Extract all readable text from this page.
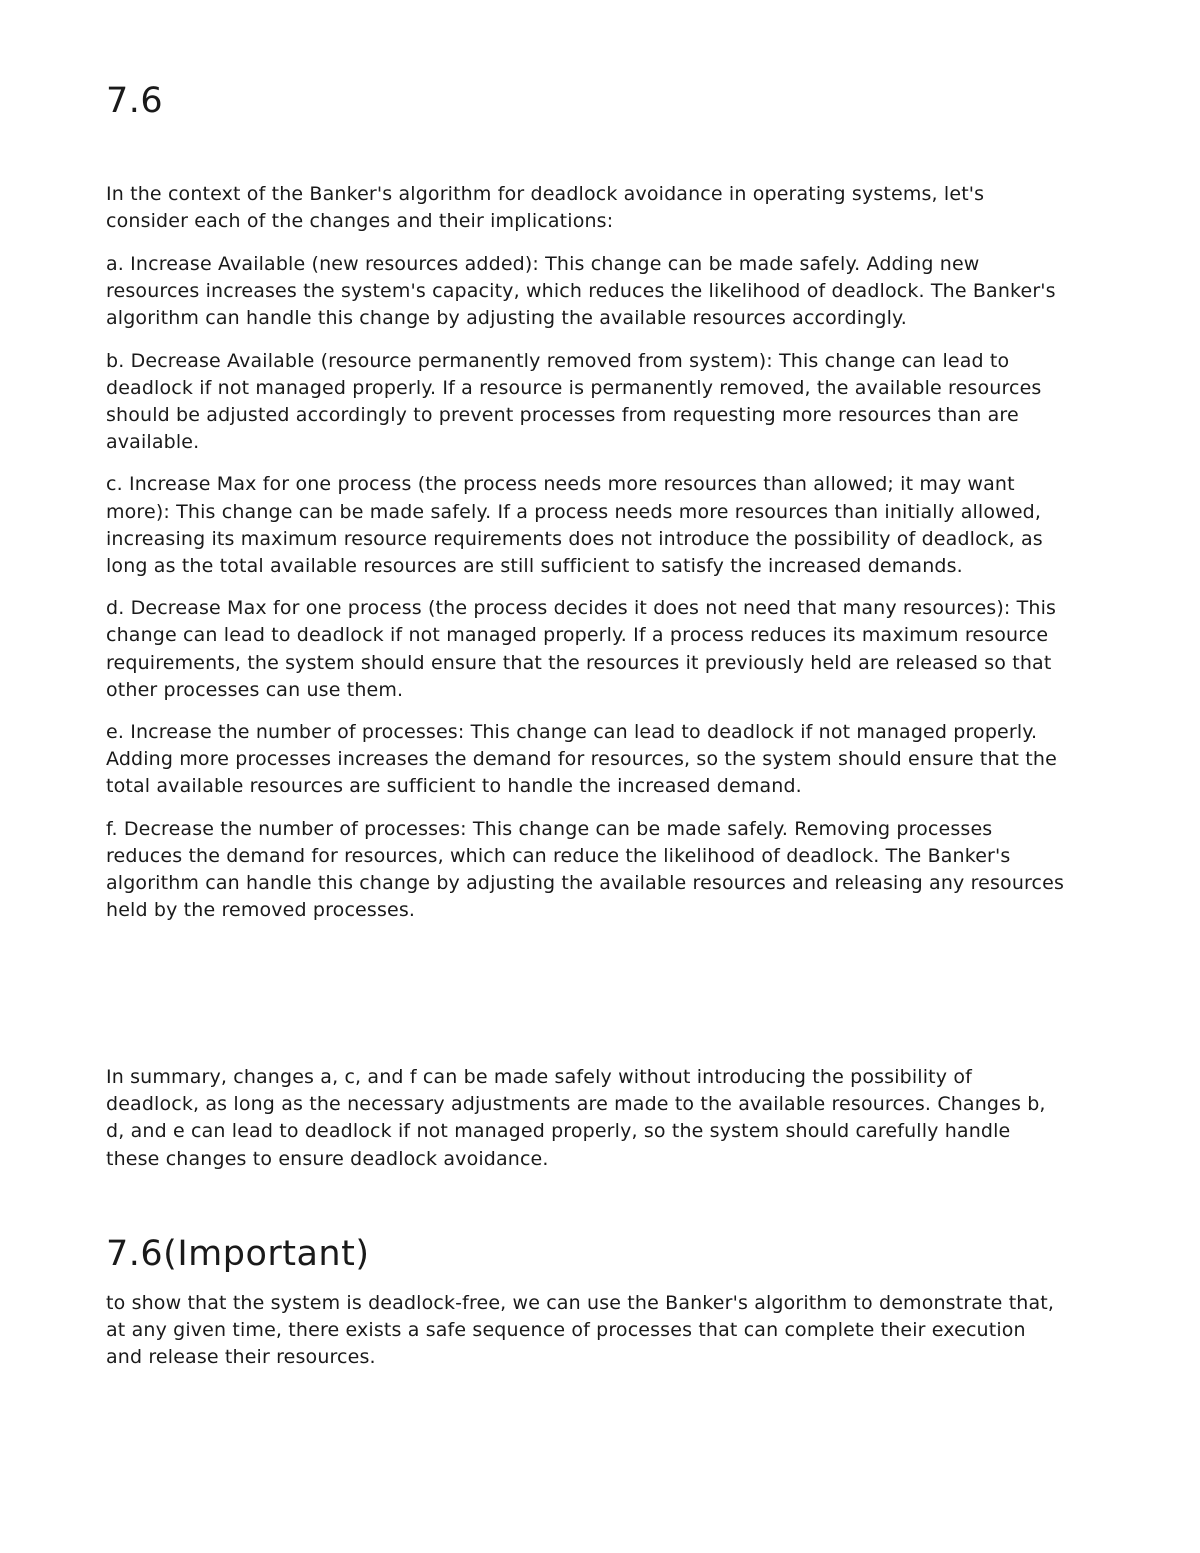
7.6

In the context of the Banker's algorithm for deadlock avoidance in operating systems, let's consider each of the changes and their implications:

a. Increase Available (new resources added): This change can be made safely. Adding new resources increases the system's capacity, which reduces the likelihood of deadlock. The Banker's algorithm can handle this change by adjusting the available resources accordingly.

b. Decrease Available (resource permanently removed from system): This change can lead to deadlock if not managed properly. If a resource is permanently removed, the available resources should be adjusted accordingly to prevent processes from requesting more resources than are available.

c. Increase Max for one process (the process needs more resources than allowed; it may want more): This change can be made safely. If a process needs more resources than initially allowed, increasing its maximum resource requirements does not introduce the possibility of deadlock, as long as the total available resources are still sufficient to satisfy the increased demands.

d. Decrease Max for one process (the process decides it does not need that many resources): This change can lead to deadlock if not managed properly. If a process reduces its maximum resource requirements, the system should ensure that the resources it previously held are released so that other processes can use them.

e. Increase the number of processes: This change can lead to deadlock if not managed properly. Adding more processes increases the demand for resources, so the system should ensure that the total available resources are sufficient to handle the increased demand.

f. Decrease the number of processes: This change can be made safely. Removing processes reduces the demand for resources, which can reduce the likelihood of deadlock. The Banker's algorithm can handle this change by adjusting the available resources and releasing any resources held by the removed processes.

In summary, changes a, c, and f can be made safely without introducing the possibility of deadlock, as long as the necessary adjustments are made to the available resources. Changes b, d, and e can lead to deadlock if not managed properly, so the system should carefully handle these changes to ensure deadlock avoidance.

7.6(Important)

to show that the system is deadlock-free, we can use the Banker's algorithm to demonstrate that, at any given time, there exists a safe sequence of processes that can complete their execution and release their resources.
